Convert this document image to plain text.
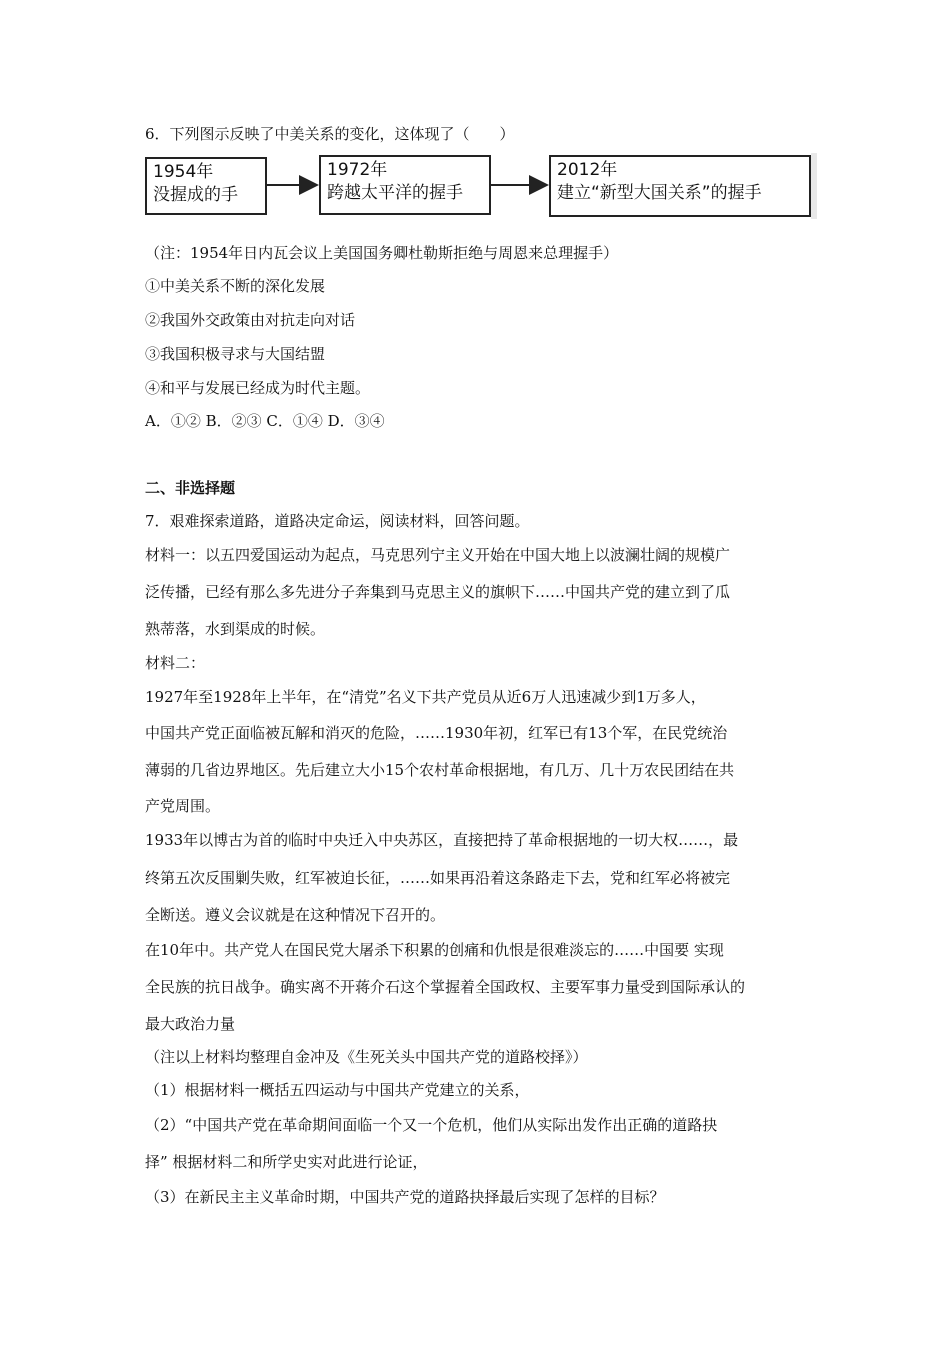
6．下列图示反映了中美关系的变化，这体现了（　　）
1954年
没握成的手
1972年
跨越太平洋的握手
2012年
建立“新型大国关系”的握手
（注：1954年日内瓦会议上美国国务卿杜勒斯拒绝与周恩来总理握手）
①中美关系不断的深化发展
②我国外交政策由对抗走向对话
③我国积极寻求与大国结盟
④和平与发展已经成为时代主题。
A．①② B．②③ C．①④ D．③④
二、非选择题
7．艰难探索道路，道路决定命运，阅读材料，回答问题。
材料一：以五四爱国运动为起点，马克思列宁主义开始在中国大地上以波澜壮阔的规模广
泛传播，已经有那么多先进分子奔集到马克思主义的旗帜下……中国共产党的建立到了瓜
熟蒂落，水到渠成的时候。
材料二：
1927年至1928年上半年，在“清党”名义下共产党员从近6万人迅速减少到1万多人，
中国共产党正面临被瓦解和消灭的危险，……1930年初，红军已有13个军，在民党统治
薄弱的几省边界地区。先后建立大小15个农村革命根据地，有几万、几十万农民团结在共
产党周围。
1933年以博古为首的临时中央迁入中央苏区，直接把持了革命根据地的一切大权……，最
终第五次反围剿失败，红军被迫长征，……如果再沿着这条路走下去，党和红军必将被完
全断送。遵义会议就是在这种情况下召开的。
在10年中。共产党人在国民党大屠杀下积累的创痛和仇恨是很难淡忘的……中国要 实现
全民族的抗日战争。确实离不开蒋介石这个掌握着全国政权、主要军事力量受到国际承认的
最大政治力量
（注以上材料均整理自金冲及《生死关头中国共产党的道路校择》）
（1）根据材料一概括五四运动与中国共产党建立的关系，
（2）“中国共产党在革命期间面临一个又一个危机，他们从实际出发作出正确的道路抉
择” 根据材料二和所学史实对此进行论证，
（3）在新民主主义革命时期，中国共产党的道路抉择最后实现了怎样的目标？
